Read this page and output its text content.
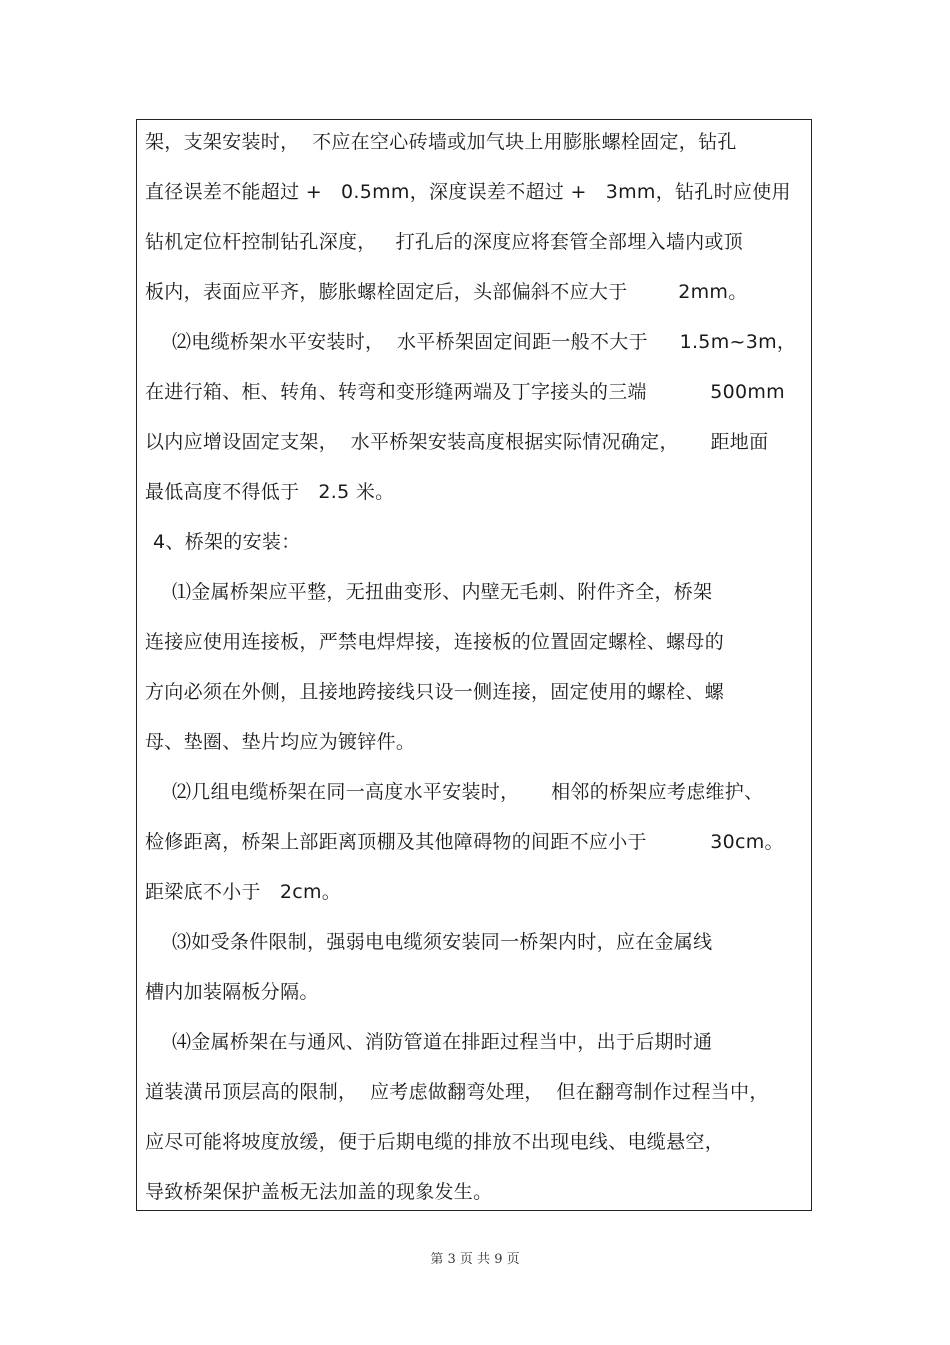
架，支架安装时，  不应在空心砖墙或加气块上用膨胀螺栓固定，钻孔
直径误差不能超过 +   0.5mm，深度误差不超过 +   3mm，钻孔时应使用
钻机定位杆控制钻孔深度，   打孔后的深度应将套管全部埋入墙内或顶
板内，表面应平齐，膨胀螺栓固定后，头部偏斜不应大于        2mm。
⑵电缆桥架水平安装时，  水平桥架固定间距一般不大于     1.5m~3m，
在进行箱、柜、转角、转弯和变形缝两端及丁字接头的三端          500mm
以内应增设固定支架，  水平桥架安装高度根据实际情况确定，     距地面
最低高度不得低于   2.5 米。
4、桥架的安装：
⑴金属桥架应平整，无扭曲变形、内壁无毛刺、附件齐全，桥架
连接应使用连接板，严禁电焊焊接，连接板的位置固定螺栓、螺母的
方向必须在外侧，且接地跨接线只设一侧连接，固定使用的螺栓、螺
母、垫圈、垫片均应为镀锌件。
⑵几组电缆桥架在同一高度水平安装时，     相邻的桥架应考虑维护、
检修距离，桥架上部距离顶棚及其他障碍物的间距不应小于          30cm。
距梁底不小于   2cm。
⑶如受条件限制，强弱电电缆须安装同一桥架内时，应在金属线
槽内加装隔板分隔。
⑷金属桥架在与通风、消防管道在排距过程当中，出于后期时通
道装潢吊顶层高的限制，  应考虑做翻弯处理，  但在翻弯制作过程当中，
应尽可能将坡度放缓，便于后期电缆的排放不出现电线、电缆悬空，
导致桥架保护盖板无法加盖的现象发生。
第 3 页 共 9 页
